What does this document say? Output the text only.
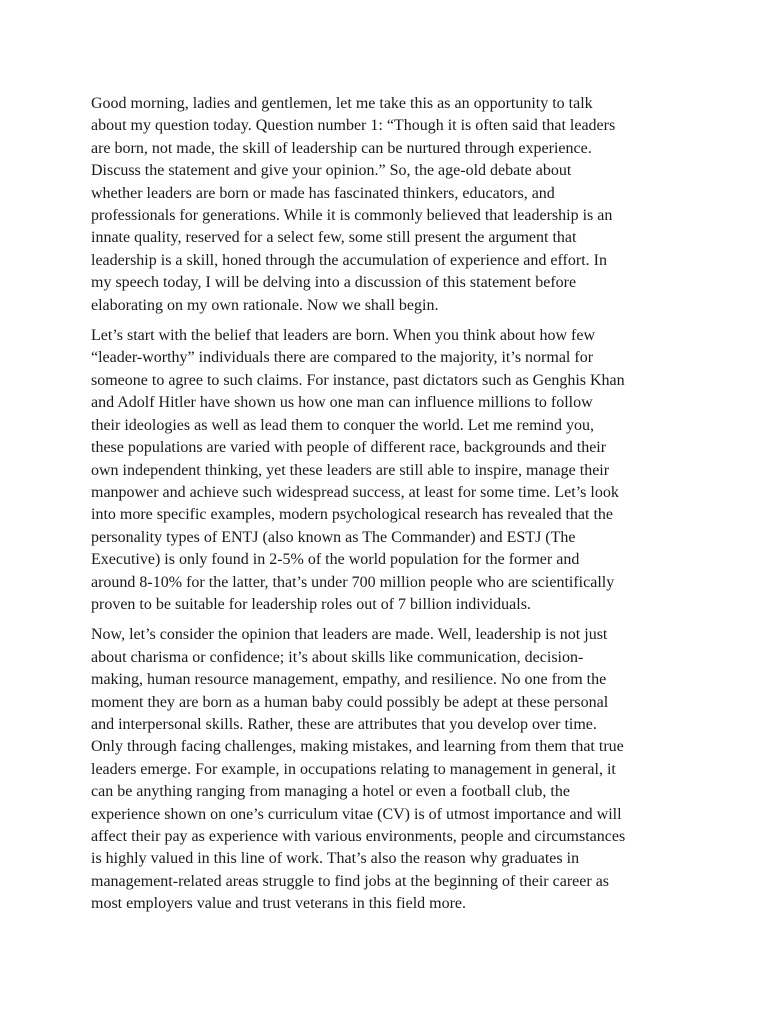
Good morning, ladies and gentlemen, let me take this as an opportunity to talk
about my question today. Question number 1: “Though it is often said that leaders
are born, not made, the skill of leadership can be nurtured through experience.
Discuss the statement and give your opinion.” So, the age-old debate about
whether leaders are born or made has fascinated thinkers, educators, and
professionals for generations. While it is commonly believed that leadership is an
innate quality, reserved for a select few, some still present the argument that
leadership is a skill, honed through the accumulation of experience and effort. In
my speech today, I will be delving into a discussion of this statement before
elaborating on my own rationale. Now we shall begin.

Let’s start with the belief that leaders are born. When you think about how few
“leader-worthy” individuals there are compared to the majority, it’s normal for
someone to agree to such claims. For instance, past dictators such as Genghis Khan
and Adolf Hitler have shown us how one man can influence millions to follow
their ideologies as well as lead them to conquer the world. Let me remind you,
these populations are varied with people of different race, backgrounds and their
own independent thinking, yet these leaders are still able to inspire, manage their
manpower and achieve such widespread success, at least for some time. Let’s look
into more specific examples, modern psychological research has revealed that the
personality types of ENTJ (also known as The Commander) and ESTJ (The
Executive) is only found in 2-5% of the world population for the former and
around 8-10% for the latter, that’s under 700 million people who are scientifically
proven to be suitable for leadership roles out of 7 billion individuals.

Now, let’s consider the opinion that leaders are made. Well, leadership is not just
about charisma or confidence; it’s about skills like communication, decision-
making, human resource management, empathy, and resilience. No one from the
moment they are born as a human baby could possibly be adept at these personal
and interpersonal skills. Rather, these are attributes that you develop over time.
Only through facing challenges, making mistakes, and learning from them that true
leaders emerge. For example, in occupations relating to management in general, it
can be anything ranging from managing a hotel or even a football club, the
experience shown on one’s curriculum vitae (CV) is of utmost importance and will
affect their pay as experience with various environments, people and circumstances
is highly valued in this line of work. That’s also the reason why graduates in
management-related areas struggle to find jobs at the beginning of their career as
most employers value and trust veterans in this field more.
